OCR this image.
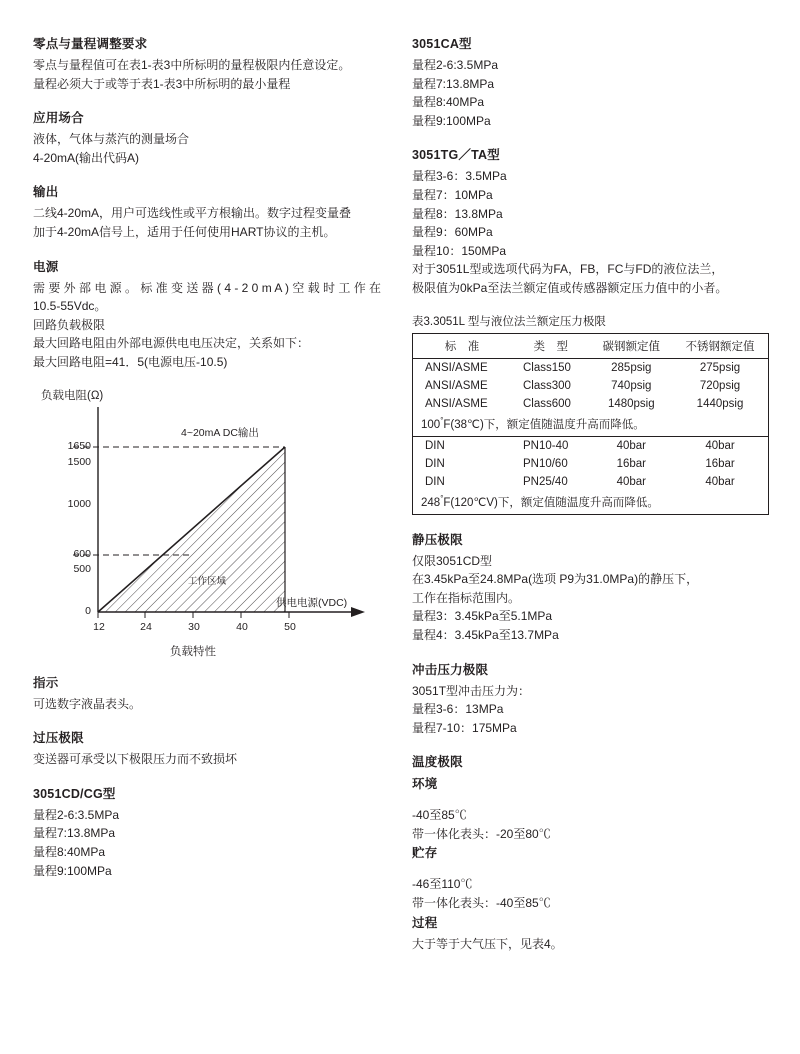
零点与量程调整要求

零点与量程值可在表1-表3中所标明的量程极限内任意设定。

量程必须大于或等于表1-表3中所标明的最小量程

应用场合

液体，气体与蒸汽的测量场合

4-20mA(输出代码A)

输出

二线4-20mA，用户可选线性或平方根输出。数字过程变量叠

加于4-20mA信号上，适用于任何使用HART协议的主机。

电源

需 要 外 部 电 源 。 标 准 变 送 器 ( 4 - 2 0 m A ) 空 载 时 工 作 在

10.5-55Vdc。

回路负载极限

最大回路电阻由外部电源供电电压决定，关系如下：

最大回路电阻=41．5(电源电压-10.5)

负载电阻(Ω)
1650
1500
1000
600
500
0
12	24	30	40	50
4~20mA DC输出
工作区域
供电电源(VDC)
负载特性
指示

可选数字液晶表头。

过压极限

变送器可承受以下极限压力而不致损坏

3051CD/CG型

量程2-6:3.5MPa

量程7:13.8MPa

量程8:40MPa

量程9:100MPa

3051CA型

量程2-6:3.5MPa

量程7:13.8MPa

量程8:40MPa

量程9:100MPa

3051TG／TA型

量程3-6：3.5MPa

量程7：10MPa

量程8：13.8MPa

量程9：60MPa

量程10：150MPa

对于3051L型或选项代码为FA，FB，FC与FD的液位法兰，

极限值为0kPa至法兰额定值或传感器额定压力值中的小者。

表3.3051L 型与液位法兰额定压力极限

标　准	类　型	碳钢额定值	不锈钢额定值
ANSI/ASME	Class150	285psig	275psig
ANSI/ASME	Class300	740psig	720psig
ANSI/ASME	Class600	1480psig	1440psig
100°F(38℃)下，额定值随温度升高而降低。			
DIN	PN10-40	40bar	40bar
DIN	PN10/60	16bar	16bar
DIN	PN25/40	40bar	40bar
248°F(120℃V)下，额定值随温度升高而降低。			
静压极限

仅限3051CD型

在3.45kPa至24.8MPa(选项 P9为31.0MPa)的静压下，

工作在指标范围内。

量程3：3.45kPa至5.1MPa

量程4：3.45kPa至13.7MPa

冲击压力极限

3051T型冲击压力为：

量程3-6：13MPa

量程7-10：175MPa

温度极限
环境

-40至85℃

带一体化表头：-20至80℃

贮存

-46至110℃

带一体化表头：-40至85℃

过程

大于等于大气压下，见表4。
